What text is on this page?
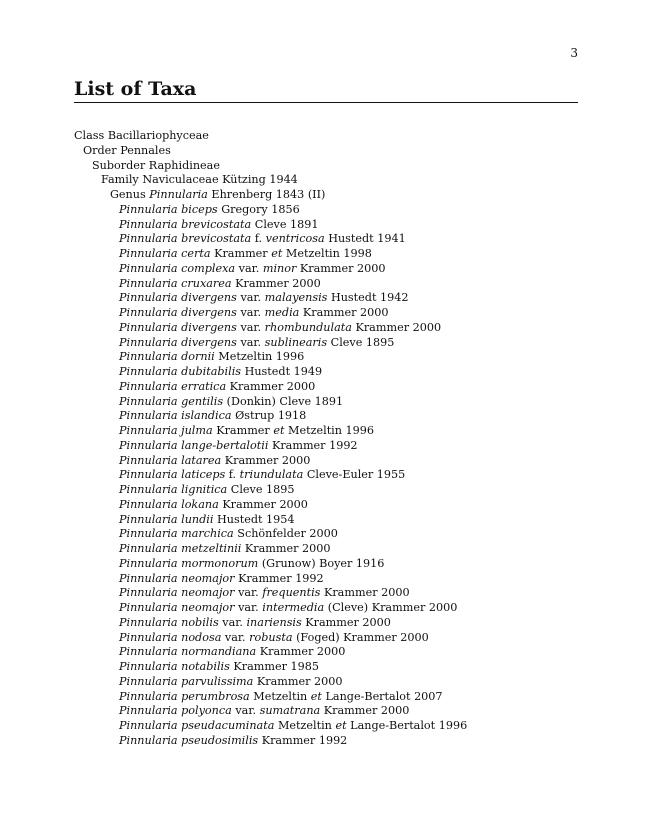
3
List of Taxa
Class Bacillariophyceae
Order Pennales
Suborder Raphidineae
Family Naviculaceae Kützing 1944
Genus Pinnularia Ehrenberg 1843 (II)
Pinnularia biceps Gregory 1856
Pinnularia brevicostata Cleve 1891
Pinnularia brevicostata f. ventricosa Hustedt 1941
Pinnularia certa Krammer et Metzeltin 1998
Pinnularia complexa var. minor Krammer 2000
Pinnularia cruxarea Krammer 2000
Pinnularia divergens var. malayensis Hustedt 1942
Pinnularia divergens var. media Krammer 2000
Pinnularia divergens var. rhombundulata Krammer 2000
Pinnularia divergens var. sublinearis Cleve 1895
Pinnularia dornii Metzeltin 1996
Pinnularia dubitabilis Hustedt 1949
Pinnularia erratica Krammer 2000
Pinnularia gentilis (Donkin) Cleve 1891
Pinnularia islandica Østrup 1918
Pinnularia julma Krammer et Metzeltin 1996
Pinnularia lange-bertalotii Krammer 1992
Pinnularia latarea Krammer 2000
Pinnularia laticeps f. triundulata Cleve-Euler 1955
Pinnularia lignitica Cleve 1895
Pinnularia lokana Krammer 2000
Pinnularia lundii Hustedt 1954
Pinnularia marchica Schönfelder 2000
Pinnularia metzeltinii Krammer 2000
Pinnularia mormonorum (Grunow) Boyer 1916
Pinnularia neomajor Krammer 1992
Pinnularia neomajor var. frequentis Krammer 2000
Pinnularia neomajor var. intermedia (Cleve) Krammer 2000
Pinnularia nobilis var. inariensis Krammer 2000
Pinnularia nodosa var. robusta (Foged) Krammer 2000
Pinnularia normandiana Krammer 2000
Pinnularia notabilis Krammer 1985
Pinnularia parvulissima Krammer 2000
Pinnularia perumbrosa Metzeltin et Lange-Bertalot 2007
Pinnularia polyonca var. sumatrana Krammer 2000
Pinnularia pseudacuminata Metzeltin et Lange-Bertalot 1996
Pinnularia pseudosimilis Krammer 1992
